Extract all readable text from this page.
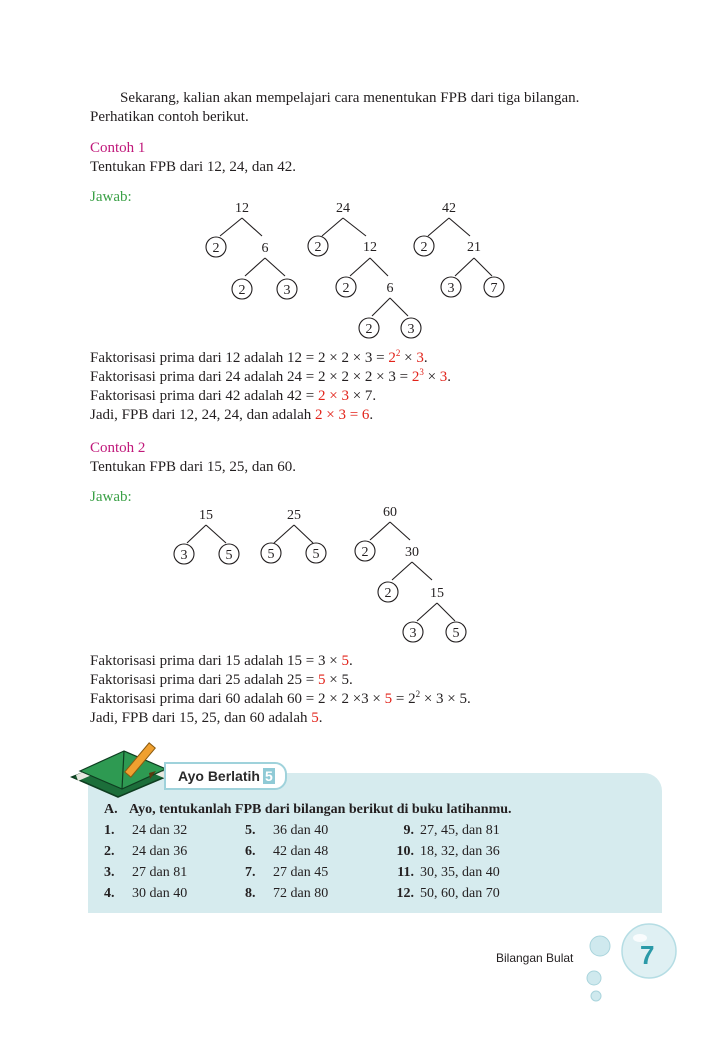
Sekarang, kalian akan mempelajari cara menentukan FPB dari tiga bilangan.
Perhatikan contoh berikut.
Contoh 1
Tentukan FPB dari 12, 24, dan 42.
Jawab:
12
2	6
2	3
24
2	12
2	6
2	3
42
2	21
3	7
Faktorisasi prima dari 12 adalah $12 = 2 \times 2 \times 3 = 2^2 \times 3$.
Faktorisasi prima dari 24 adalah $24 = 2 \times 2 \times 2 \times 3 = 2^3 \times 3$.
Faktorisasi prima dari 42 adalah 42 = 2 × 3 × 7.
Jadi, FPB dari 12, 24, 24, dan adalah 2 × 3 = 6.
Contoh 2
Tentukan FPB dari 15, 25, dan 60.
Jawab:
15
3	5
25
5	5
60
2	30
2	15
3	5
Faktorisasi prima dari 15 adalah 15 = 3 × 5.
Faktorisasi prima dari 25 adalah 25 = 5 × 5.
Faktorisasi prima dari 60 adalah $60 = 2 \times 2 \times 3 \times 5 = 2^2 \times 3 \times 5$.
Jadi, FPB dari 15, 25, dan 60 adalah 5.
Ayo Berlatih 5
A. Ayo, tentukanlah FPB dari bilangan berikut di buku latihanmu.
1. 24 dan 32
2. 24 dan 36
3. 27 dan 81
4. 30 dan 40
5. 36 dan 40
6. 42 dan 48
7. 27 dan 45
8. 72 dan 80
9. 27, 45, dan 81
10. 18, 32, dan 36
11. 30, 35, dan 40
12. 50, 60, dan 70
Bilangan Bulat	7
